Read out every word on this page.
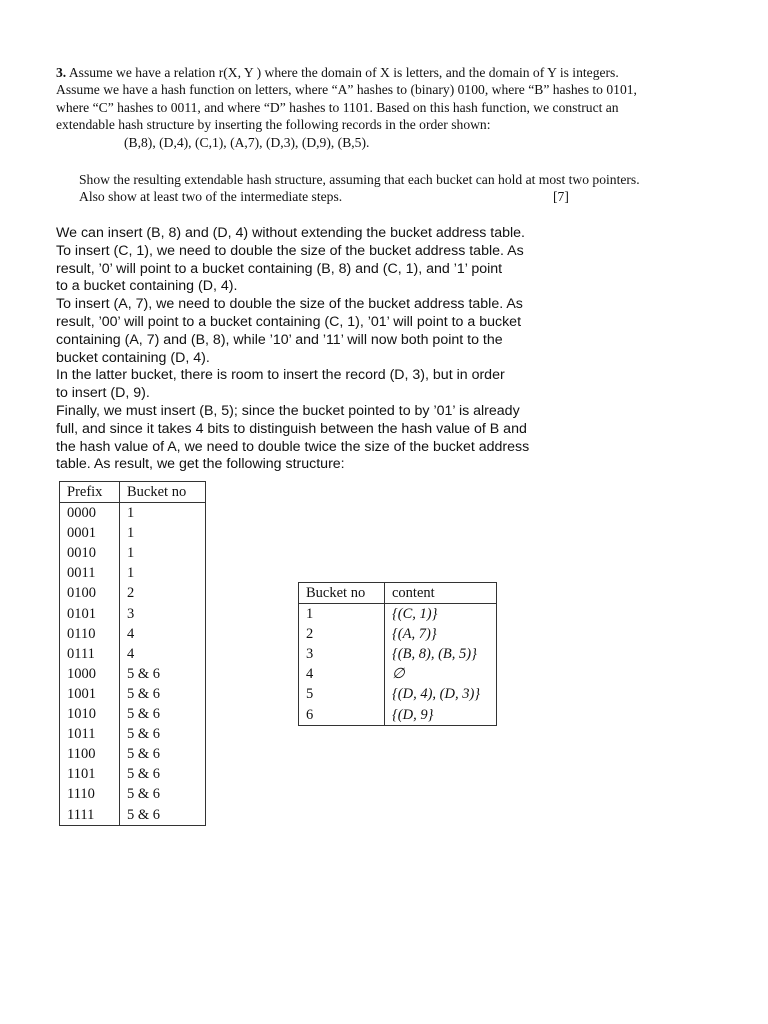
3. Assume we have a relation r(X, Y ) where the domain of X is letters, and the domain of Y is integers.
Assume we have a hash function on letters, where “A” hashes to (binary) 0100, where “B” hashes to 0101,
where “C” hashes to 0011, and where “D” hashes to 1101. Based on this hash function, we construct an
extendable hash structure by inserting the following records in the order shown:
(B,8), (D,4), (C,1), (A,7), (D,3), (D,9), (B,5).
Show the resulting extendable hash structure, assuming that each bucket can hold at most two pointers.
Also show at least two of the intermediate steps.	[7]
We can insert (B, 8) and (D, 4) without extending the bucket address table.
To insert (C, 1), we need to double the size of the bucket address table. As
result, ’0’ will point to a bucket containing (B, 8) and (C, 1), and ’1’ point
to a bucket containing (D, 4).
To insert (A, 7), we need to double the size of the bucket address table. As
result, ’00’ will point to a bucket containing (C, 1), ’01’ will point to a bucket
containing (A, 7) and (B, 8), while ’10’ and ’11’ will now both point to the
bucket containing (D, 4).
In the latter bucket, there is room to insert the record (D, 3), but in order
to insert (D, 9).
Finally, we must insert (B, 5); since the bucket pointed to by ’01’ is already
full, and since it takes 4 bits to distinguish between the hash value of B and
the hash value of A, we need to double twice the size of the bucket address
table. As result, we get the following structure:
Prefix	Bucket no
0000	1
0001	1
0010	1
0011	1
0100	2
0101	3
0110	4
0111	4
1000	5 & 6
1001	5 & 6
1010	5 & 6
1011	5 & 6
1100	5 & 6
1101	5 & 6
1110	5 & 6
1111	5 & 6
Bucket no	content
1	{(C, 1)}
2	{(A, 7)}
3	{(B, 8), (B, 5)}
4	∅
5	{(D, 4), (D, 3)}
6	{(D, 9}
